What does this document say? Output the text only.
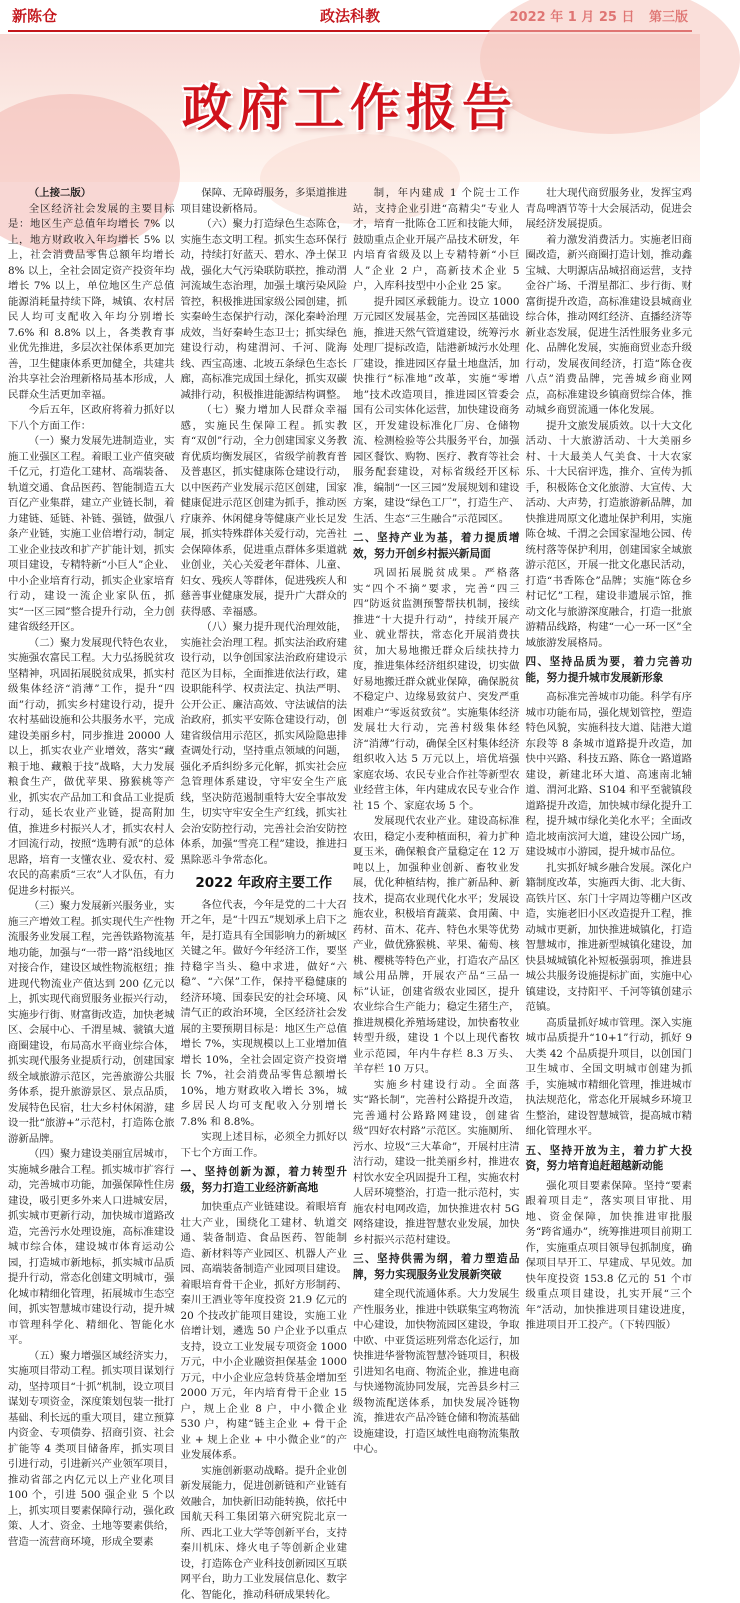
新陈仓	政法科教
政府工作报告

（上接二版）

全区经济社会发展的主要目标是：地区生产总值年均增长 7% 以上，地方财政收入年均增长 5% 以上，社会消费品零售总额年均增长 8% 以上，全社会固定资产投资年均增长 7% 以上，单位地区生产总值能源消耗量持续下降，城镇、农村居民人均可支配收入年均分别增长 7.6% 和 8.8% 以上，各类教育事业优先推进，多层次社保体系更加完善，卫生健康体系更加健全，共建共治共享社会治理新格局基本形成，人民群众生活更加幸福。

今后五年，区政府将着力抓好以下八个方面工作：

（一）聚力发展先进制造业，实施工业强区工程。着眼工业产值突破千亿元，打造化工建材、高端装备、轨道交通、食品医药、智能制造五大百亿产业集群，建立产业链长制，着力建链、延链、补链、强链，做强八条产业链，实施工业倍增行动，制定工业企业技改和扩产扩能计划，抓实项目建设，专精特新“小巨人”企业、中小企业培育行动，抓实企业家培育行动，建设一流企业家队伍，抓实“一区三园”整合提升行动，全力创建省级经开区。

（二）聚力发展现代特色农业，实施强农富民工程。大力弘扬脱贫攻坚精神，巩固拓展脱贫成果，抓实村级集体经济“消薄”工作，提升“四面”行动，抓实乡村建设行动，提升农村基础设施和公共服务水平，完成建设美丽乡村，同步推进 20000 人以上，抓实农业产业增效，落实“藏粮于地、藏粮于技”战略，大力发展粮食生产，做优苹果、猕猴桃等产业，抓实农产品加工和食品工业提质行动，延长农业产业链，提高附加值，推进乡村振兴人才，抓实农村人才回流行动，按照“选聘有派”的总体思路，培育一支懂农业、爱农村、爱农民的高素质“三农”人才队伍，有力促进乡村振兴。

（三）聚力发展新兴服务业，实施三产增效工程。抓实现代生产性物流服务业发展工程，完善铁路物流基地功能，加强与“一带一路”沿线地区对接合作，建设区域性物流枢纽；推进现代物流业产值达到 200 亿元以上，抓实现代商贸服务业振兴行动，实施步行街、财富街改造，加快老城区、会展中心、千渭星城、虢镇大道商圈建设，布局高水平商业综合体，抓实现代服务业提质行动，创建国家级全域旅游示范区，完善旅游公共服务体系，提升旅游景区、景点品质，发展特色民宿，壮大乡村休闲游，建设一批“旅游+”示范村，打造陈仓旅游新品牌。

（四）聚力建设美丽宜居城市，实施城乡融合工程。抓实城市扩容行动，完善城市功能，加强保障性住房建设，吸引更多外来人口进城安居，抓实城市更新行动，加快城市道路改造，完善污水处理设施，高标准建设城市综合体，建设城市体育运动公园，打造城市新地标，抓实城市品质提升行动，常态化创建文明城市，强化城市精细化管理，拓展城市生态空间，抓实智慧城市建设行动，提升城市管理科学化、精细化、智能化水平。

（五）聚力增强区域经济实力，实施项目带动工程。抓实项目谋划行动，坚持项目“十抓”机制，设立项目谋划专项资金，深度策划包装一批打基础、利长远的重大项目，建立预算内资金、专项债券、招商引资、社会扩能等 4 类项目储备库，抓实项目引进行动，引进新兴产业领军项目，推动省部之内亿元以上产业化项目 100 个，引进 500 强企业 5 个以上，抓实项目要素保障行动，强化政策、人才、资金、土地等要素供给，营造一流营商环境，形成全要素

保障、无障碍服务，多渠道推进项目建设新格局。

（六）聚力打造绿色生态陈仓，实施生态文明工程。抓实生态环保行动，持续打好蓝天、碧水、净土保卫战，强化大气污染联防联控，推动渭河流域生态治理，加强土壤污染风险管控，积极推进国家级公园创建，抓实秦岭生态保护行动，深化秦岭治理成效，当好秦岭生态卫士；抓实绿色建设行动，构建渭河、千河、陇海线、西宝高速、北坡五条绿色生态长廊，高标准完成国土绿化，抓实双碳减排行动，积极推进能源结构调整。

（七）聚力增加人民群众幸福感，实施民生保障工程。抓实教育“双创”行动，全力创建国家义务教育优质均衡发展区，省级学前教育普及普惠区，抓实健康陈仓建设行动，以中医药产业发展示范区创建，国家健康促进示范区创建为抓手，推动医疗康养、休闲健身等健康产业长足发展，抓实特殊群体关爱行动，完善社会保障体系，促进重点群体多渠道就业创业，关心关爱老年群体、儿童、妇女、残疾人等群体，促进残疾人和慈善事业健康发展，提升广大群众的获得感、幸福感。

（八）聚力提升现代治理效能，实施社会治理工程。抓实法治政府建设行动，以争创国家法治政府建设示范区为目标，全面推进依法行政，建设职能科学、权责法定、执法严明、公开公正、廉洁高效、守法诚信的法治政府，抓实平安陈仓建设行动，创建省级信用示范区，抓实风险隐患排查调处行动，坚持重点领域的问题，强化矛盾纠纷多元化解，抓实社会应急管理体系建设，守牢安全生产底线，坚决防范遏制重特大安全事故发生，切实守牢安全生产红线，抓实社会治安防控行动，完善社会治安防控体系，加强“雪亮工程”建设，推进扫黑除恶斗争常态化。

2022 年政府主要工作

各位代表，今年是党的二十大召开之年，是“十四五”规划承上启下之年，是打造具有全国影响力的新城区关键之年。做好今年经济工作，要坚持稳字当头、稳中求进，做好“六稳”、“六保”工作，保持平稳健康的经济环境、国泰民安的社会环境、风清气正的政治环境，全区经济社会发展的主要预期目标是：地区生产总值增长 7%，实现规模以上工业增加值增长 10%，全社会固定资产投资增长 7%，社会消费品零售总额增长 10%，地方财政收入增长 3%，城乡居民人均可支配收入分别增长 7.8% 和 8.8%。

实现上述目标，必须全力抓好以下七个方面工作。

一、坚持创新为源，着力转型升级，努力打造工业经济新高地

加快重点产业链建设。着眼培育壮大产业，围绕化工建材、轨道交通、装备制造、食品医药、智能制造、新材料等产业园区、机器人产业园、高端装备制造产业园项目建设。着眼培育骨干企业，抓好方形制药、秦川王酒业等年度投资 21.9 亿元的 20 个技改扩能项目建设，实施工业倍增计划，遴选 50 户企业予以重点支持，设立工业发展专项资金 1000 万元，中小企业融资担保基金 1000 万元，中小企业应急转贷基金增加至 2000 万元，年内培育骨干企业 15 户，规上企业 8 户，中小微企业 530 户，构建“链主企业 + 骨干企业 + 规上企业 + 中小微企业”的产业发展体系。

实施创新驱动战略。提升企业创新发展能力，促进创新链和产业链有效融合，加快新旧动能转换，依托中国航天科工集团第六研究院北京一所、西北工业大学等创新平台，支持秦川机床、烽火电子等创新企业建设，打造陈仓产业科技创新园区互联网平台，助力工业发展信息化、数字化、智能化，推动科研成果转化。

制，年内建成 1 个院士工作站，支持企业引进“高精尖”专业人才，培育一批陈仓工匠和技能大师，鼓励重点企业开展产品技术研发，年内培育省级及以上专精特新“小巨人”企业 2 户，高新技术企业 5 户，入库科技型中小企业 25 家。

提升园区承载能力。设立 1000 万元园区发展基金，完善园区基础设施，推进天然气管道建设，统筹污水处理厂提标改造，陆港新城污水处理厂建设，推进园区存量土地盘活，加快推行“标准地”改革，实施“零增地”技术改造项目，推进园区管委会国有公司实体化运营，加快建设商务区，开发建设标准化厂房、仓储物流、检测检验等公共服务平台，加强园区餐饮、购物、医疗、教育等社会服务配套建设，对标省级经开区标准，编制“一区三园”发展规划和建设方案，建设“绿色工厂”，打造生产、生活、生态“三生融合”示范园区。

二、坚持产业为基，着力提质增效，努力开创乡村振兴新局面

巩固拓展脱贫成果。严格落实“四个不摘”要求，完善“四三四”防返贫监测预警帮扶机制，接续推进“十大提升行动”，持续开展产业、就业帮扶，常态化开展消费扶贫，加大易地搬迁群众后续扶持力度，推进集体经济组织建设，切实做好易地搬迁群众就业保障，确保脱贫不稳定户、边缘易致贫户、突发严重困难户“零返贫致贫”。实施集体经济发展壮大行动，完善村级集体经济“消薄”行动，确保全区村集体经济组织收入达 5 万元以上，培优培强家庭农场、农民专业合作社等新型农业经营主体，年内建成农民专业合作社 15 个、家庭农场 5 个。

发展现代农业产业。建设高标准农田，稳定小麦种植面积，着力扩种夏玉米，确保粮食产量稳定在 12 万吨以上，加强种业创新、畜牧业发展，优化种植结构，推广新品种、新技术，提高农业现代化水平；发展设施农业，积极培育蔬菜、食用菌、中药材、苗木、花卉、特色水果等优势产业，做优猕猴桃、苹果、葡萄、核桃、樱桃等特色产业，打造农产品区域公用品牌，开展农产品“三品一标”认证，创建省级农业园区，提升农业综合生产能力；稳定生猪生产，推进规模化养殖场建设，加快畜牧业转型升级，建设 1 个以上现代畜牧业示范园，年内牛存栏 8.3 万头、羊存栏 10 万只。

实施乡村建设行动。全面落实“路长制”，完善村公路提升改造，完善通村公路路网建设，创建省级“四好农村路”示范区。实施厕所、污水、垃圾“三大革命”，开展村庄清洁行动，建设一批美丽乡村，推进农村饮水安全巩固提升工程，实施农村人居环境整治，打造一批示范村，实施农村电网改造，加快推进农村 5G 网络建设，推进智慧农业发展，加快乡村振兴示范村建设。

三、坚持供需为纲，着力塑造品牌，努力实现服务业发展新突破

建全现代流通体系。大力发展生产性服务业，推进中铁联集宝鸡物流中心建设，加快物流园区建设，争取中欧、中亚货运班列常态化运行，加快推进华誉物流智慧冷链项目，积极引进知名电商、物流企业，推进电商与快递物流协同发展，完善县乡村三级物流配送体系，加快发展冷链物流，推进农产品冷链仓储和物流基础设施建设，打造区域性电商物流集散中心。

壮大现代商贸服务业，发挥宝鸡青岛啤酒节等十大会展活动，促进会展经济发展提质。

着力激发消费活力。实施老旧商圈改造，新兴商圈打造计划，推动鑫宝城、大明源店品城招商运营，支持金谷广场、千渭星都汇、步行街、财富街提升改造，高标准建设县城商业综合体，推动网红经济、直播经济等新业态发展，促进生活性服务业多元化、品牌化发展，实施商贸业态升级行动，发展夜间经济，打造“陈仓夜八点”消费品牌，完善城乡商业网点，高标准建设乡镇商贸综合体，推动城乡商贸流通一体化发展。

提升文旅发展质效。以十大文化活动、十大旅游活动、十大美丽乡村、十大最美人气美食、十大农家乐、十大民宿评选，推介、宣传为抓手，积极陈仓文化旅游、大宣传、大活动、大声势，打造旅游新品牌，加快推进周原文化遗址保护利用，实施陈仓城、千渭之会国家湿地公园、传统村落等保护利用，创建国家全域旅游示范区，开展一批文化惠民活动，打造“书香陈仓”品牌；实施“陈仓乡村记忆”工程，建设非遗展示馆，推动文化与旅游深度融合，打造一批旅游精品线路，构建“一心一环一区”全域旅游发展格局。

四、坚持品质为要，着力完善功能，努力提升城市发展新形象

高标准完善城市功能。科学有序城市功能布局，强化规划管控，塑造特色风貌，实施科技大道、陆港大道东段等 8 条城市道路提升改造，加快中兴路、科技五路、陈仓一路道路建设，新建北环大道、高速南北辅道、渭河北路、S104 和平至虢镇段道路提升改造，加快城市绿化提升工程，提升城市绿化美化水平；全面改造北坡南滨河大道，建设公园广场，建设城市小游园，提升城市品位。

扎实抓好城乡融合发展。深化户籍制度改革，实施西大街、北大街、高铁片区、东门十字周边等棚户区改造，实施老旧小区改造提升工程，推动城市更新，加快推进城镇化，打造智慧城市，推进新型城镇化建设，加快县城城镇化补短板强弱项，推进县城公共服务设施提标扩面，实施中心镇建设，支持阳平、千河等镇创建示范镇。

高质量抓好城市管理。深入实施城市品质提升“10+1”行动，抓好 9 大类 42 个品质提升项目，以创国门卫生城市、全国文明城市创建为抓手，实施城市精细化管理，推进城市执法规范化，常态化开展城乡环境卫生整治，建设智慧城管，提高城市精细化管理水平。

五、坚持开放为主，着力扩大投资，努力培育追赶超越新动能

强化项目要素保障。坚持“要素跟着项目走”，落实项目审批、用地、资金保障，加快推进审批服务“跨省通办”，统筹推进项目前期工作，实施重点项目领导包抓制度，确保项目早开工、早建成、早见效。加快年度投资 153.8 亿元的 51 个市级重点项目建设，扎实开展“三个年”活动，加快推进项目建设进度，推进项目开工投产。（下转四版）
